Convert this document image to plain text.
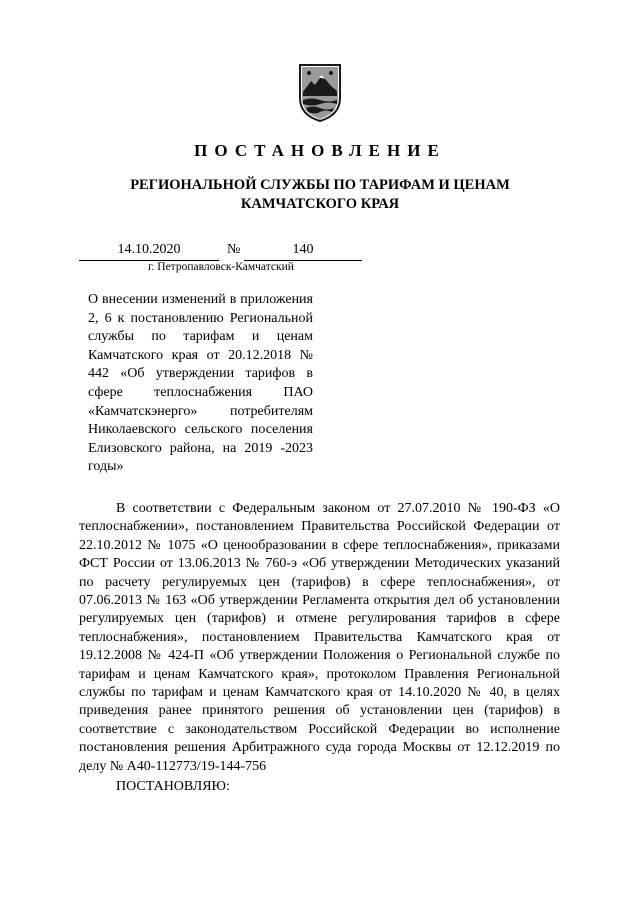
ПОСТАНОВЛЕНИЕ
РЕГИОНАЛЬНОЙ СЛУЖБЫ ПО ТАРИФАМ И ЦЕНАМ
КАМЧАТСКОГО КРАЯ
14.10.2020	№	140
г. Петропавловск-Камчатский
О внесении изменений в приложения 2, 6 к постановлению Региональной службы по тарифам и ценам Камчатского края от 20.12.2018 № 442 «Об утверждении тарифов в сфере теплоснабжения ПАО «Камчатскэнерго» потребителям Николаевского сельского поселения Елизовского района, на 2019 -2023 годы»

В соответствии с Федеральным законом от 27.07.2010 № 190-ФЗ «О теплоснабжении», постановлением Правительства Российской Федерации от 22.10.2012 № 1075 «О ценообразовании в сфере теплоснабжения», приказами ФСТ России от 13.06.2013 № 760-э «Об утверждении Методических указаний по расчету регулируемых цен (тарифов) в сфере теплоснабжения», от 07.06.2013 № 163 «Об утверждении Регламента открытия дел об установлении регулируемых цен (тарифов) и отмене регулирования тарифов в сфере теплоснабжения», постановлением Правительства Камчатского края от 19.12.2008 № 424-П «Об утверждении Положения о Региональной службе по тарифам и ценам Камчатского края», протоколом Правления Региональной службы по тарифам и ценам Камчатского края от 14.10.2020 № 40, в целях приведения ранее принятого решения об установлении цен (тарифов) в соответствие с законодательством Российской Федерации во исполнение постановления решения Арбитражного суда города Москвы от 12.12.2019 по делу № А40-112773/19-144-756

ПОСТАНОВЛЯЮ:
